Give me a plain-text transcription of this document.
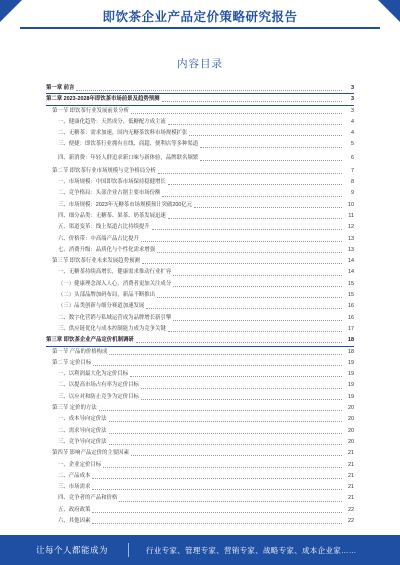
即饮茶企业产品定价策略研究报告
内容目录
第一章 前言	3
第二章 2023-2028年即饮茶市场前景及趋势预测	3
第一节 即饮茶行业发展前景分析	3
一、健康化趋势：天然成分、低糖配方成主流	4
二、无糖茶：需求加速，国内无糖茶饮料市场规模扩张	4
三、便捷：即饮茶行业拥有在线、商超、便利店等多种渠道	5
四、新消费：年轻人群追求新口味与新体验，品牌联名频繁	6
第二节 即饮茶行业市场规模与竞争格局分析	7
一、市场规模：中国即饮茶市场保持稳健增长	8
二、竞争格局：头部企业占据主要市场份额	9
三、市场规模：2023年无糖茶市场规模预计突破200亿元	10
四、细分品类：无糖茶、果茶、奶茶发展迅速	11
五、渠道变革：线上渠道占比持续提升	12
六、价格带：中高端产品占比提升	13
七、消费升级：品质化与个性化需求增强	13
第三节 即饮茶行业未来发展趋势预测	14
一、无糖茶持续高增长，健康需求推动行业扩容	14
（一）健康理念深入人心，消费者更加关注成分	15
（二）头部品牌加码布局，新品不断推出	15
（三）品类创新与细分赛道加速发展	16
二、数字化营销与私域运营成为品牌增长新引擎	16
三、供应链优化与成本控制能力成为竞争关键	17
第三章 即饮茶企业产品定价机制调研	18
第一节 产品的价格构成	18
第二节 定价目标	19
一、以利润最大化为定价目标	19
二、以提高市场占有率为定价目标	19
三、以应对和防止竞争为定价目标	19
第三节 定价的方法	20
一、成本导向定价法	20
二、需求导向定价法	20
三、竞争导向定价法	20
第四节 影响产品定价的主要因素	21
一、企业定价目标	21
二、产品成本	21
三、市场需求	21
四、竞争者的产品和价格	21
五、政府政策	22
六、其他因素	22
让每个人都能成为	行业专家、管理专家、营销专家、战略专家、成本企业家……
